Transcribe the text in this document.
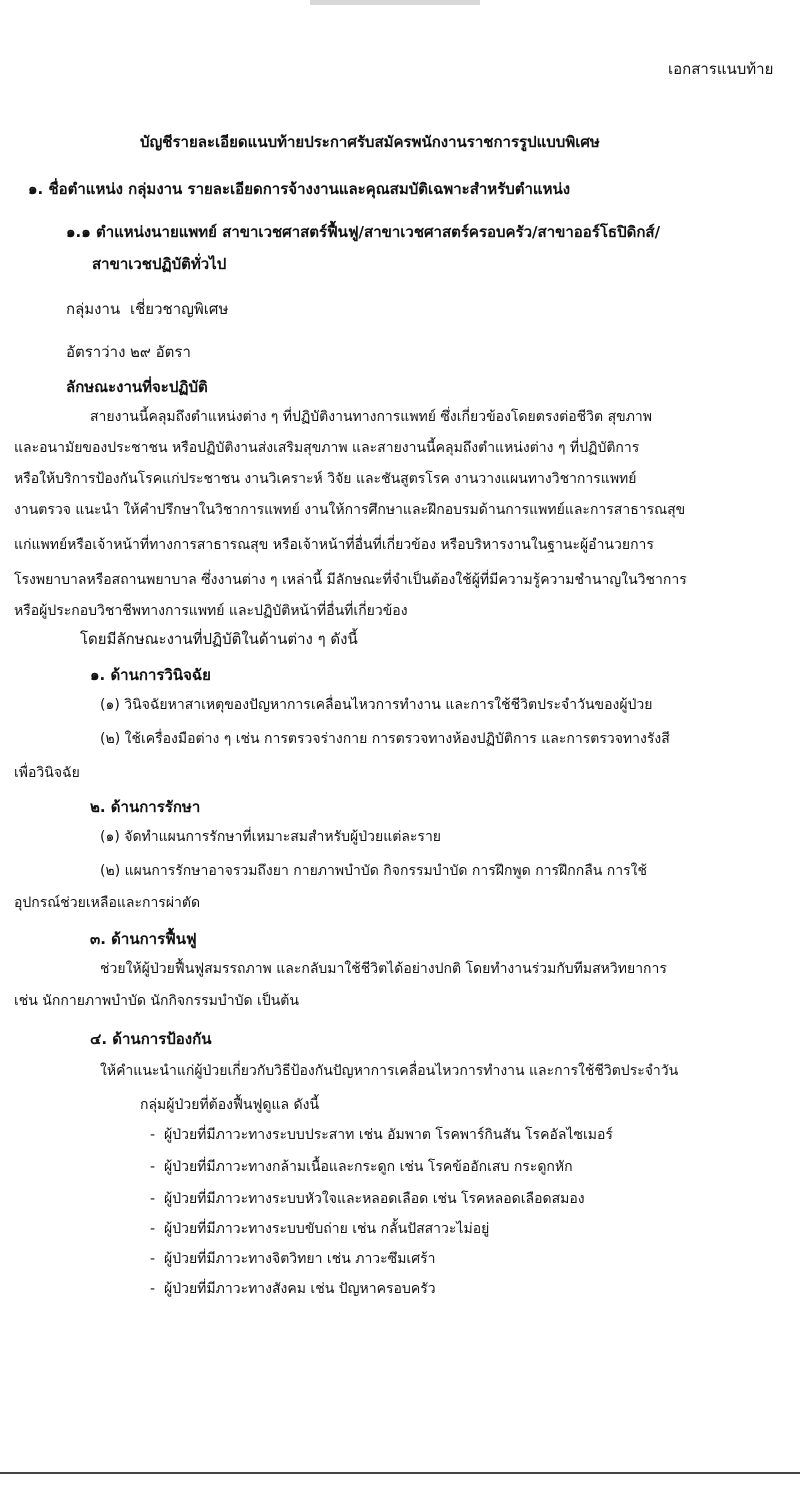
เอกสารแนบท้าย
บัญชีรายละเอียดแนบท้ายประกาศรับสมัครพนักงานราชการรูปแบบพิเศษ
๑. ชื่อตำแหน่ง กลุ่มงาน รายละเอียดการจ้างงานและคุณสมบัติเฉพาะสำหรับตำแหน่ง
๑.๑ ตำแหน่งนายแพทย์ สาขาเวชศาสตร์ฟื้นฟู/สาขาเวชศาสตร์ครอบครัว/สาขาออร์โธปิดิกส์/
สาขาเวชปฏิบัติทั่วไป
กลุ่มงาน เชี่ยวชาญพิเศษ
อัตราว่าง ๒๙ อัตรา
ลักษณะงานที่จะปฏิบัติ
สายงานนี้คลุมถึงตำแหน่งต่าง ๆ ที่ปฏิบัติงานทางการแพทย์ ซึ่งเกี่ยวข้องโดยตรงต่อชีวิต สุขภาพ
และอนามัยของประชาชน หรือปฏิบัติงานส่งเสริมสุขภาพ และสายงานนี้คลุมถึงตำแหน่งต่าง ๆ ที่ปฏิบัติการ
หรือให้บริการป้องกันโรคแก่ประชาชน งานวิเคราะห์ วิจัย และชันสูตรโรค งานวางแผนทางวิชาการแพทย์
งานตรวจ แนะนำ ให้คำปรึกษาในวิชาการแพทย์ งานให้การศึกษาและฝึกอบรมด้านการแพทย์และการสาธารณสุข
แก่แพทย์หรือเจ้าหน้าที่ทางการสาธารณสุข หรือเจ้าหน้าที่อื่นที่เกี่ยวข้อง หรือบริหารงานในฐานะผู้อำนวยการ
โรงพยาบาลหรือสถานพยาบาล ซึ่งงานต่าง ๆ เหล่านี้ มีลักษณะที่จำเป็นต้องใช้ผู้ที่มีความรู้ความชำนาญในวิชาการ
หรือผู้ประกอบวิชาชีพทางการแพทย์ และปฏิบัติหน้าที่อื่นที่เกี่ยวข้อง
โดยมีลักษณะงานที่ปฏิบัติในด้านต่าง ๆ ดังนี้
๑. ด้านการวินิจฉัย
(๑) วินิจฉัยหาสาเหตุของปัญหาการเคลื่อนไหวการทำงาน และการใช้ชีวิตประจำวันของผู้ป่วย
(๒) ใช้เครื่องมือต่าง ๆ เช่น การตรวจร่างกาย การตรวจทางห้องปฏิบัติการ และการตรวจทางรังสี
เพื่อวินิจฉัย
๒. ด้านการรักษา
(๑) จัดทำแผนการรักษาที่เหมาะสมสำหรับผู้ป่วยแต่ละราย
(๒) แผนการรักษาอาจรวมถึงยา กายภาพบำบัด กิจกรรมบำบัด การฝึกพูด การฝึกกลืน การใช้
อุปกรณ์ช่วยเหลือและการผ่าตัด
๓. ด้านการฟื้นฟู
ช่วยให้ผู้ป่วยฟื้นฟูสมรรถภาพ และกลับมาใช้ชีวิตได้อย่างปกติ โดยทำงานร่วมกับทีมสหวิทยาการ
เช่น นักกายภาพบำบัด นักกิจกรรมบำบัด เป็นต้น
๔. ด้านการป้องกัน
ให้คำแนะนำแก่ผู้ป่วยเกี่ยวกับวิธีป้องกันปัญหาการเคลื่อนไหวการทำงาน และการใช้ชีวิตประจำวัน
กลุ่มผู้ป่วยที่ต้องฟื้นฟูดูแล ดังนี้
- ผู้ป่วยที่มีภาวะทางระบบประสาท เช่น อัมพาต โรคพาร์กินสัน โรคอัลไซเมอร์
- ผู้ป่วยที่มีภาวะทางกล้ามเนื้อและกระดูก เช่น โรคข้ออักเสบ กระดูกหัก
- ผู้ป่วยที่มีภาวะทางระบบหัวใจและหลอดเลือด เช่น โรคหลอดเลือดสมอง
- ผู้ป่วยที่มีภาวะทางระบบขับถ่าย เช่น กลั้นปัสสาวะไม่อยู่
- ผู้ป่วยที่มีภาวะทางจิตวิทยา เช่น ภาวะซึมเศร้า
- ผู้ป่วยที่มีภาวะทางสังคม เช่น ปัญหาครอบครัว
